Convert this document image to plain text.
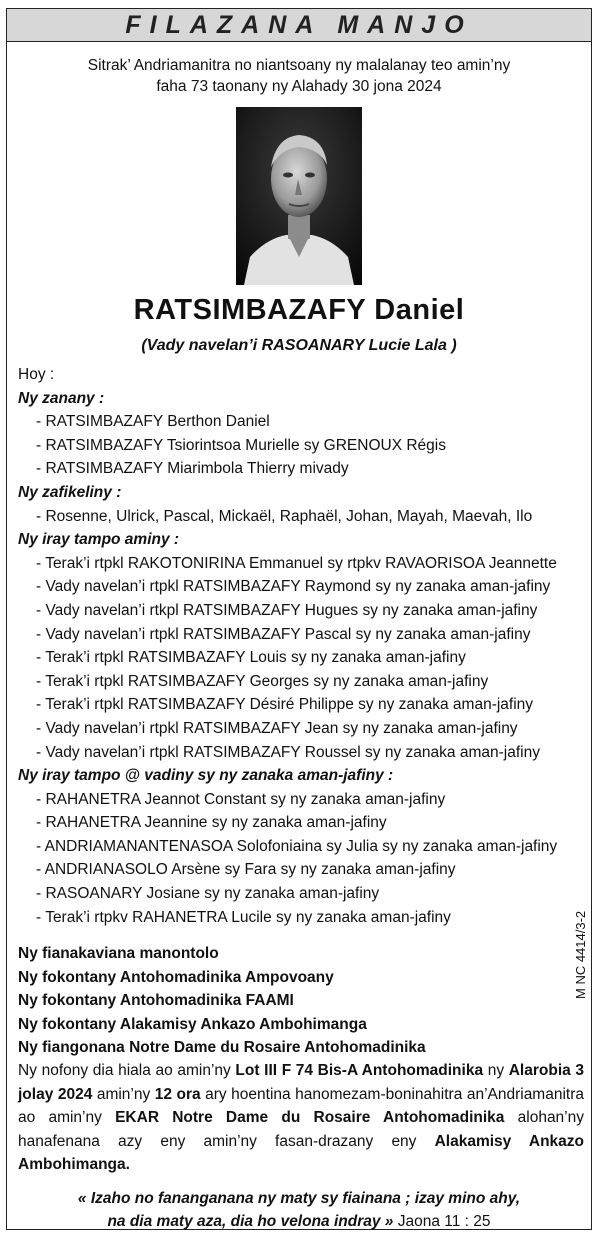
FILAZANA MANJO
Sitrak’ Andriamanitra no niantsoany ny malalanay teo amin’ny
faha 73 taonany ny Alahady 30 jona 2024
RATSIMBAZAFY Daniel
(Vady navelan’i RASOANARY Lucie Lala )
Hoy :
Ny zanany :
- RATSIMBAZAFY Berthon Daniel
- RATSIMBAZAFY Tsiorintsoa Murielle sy GRENOUX Régis
- RATSIMBAZAFY Miarimbola Thierry mivady
Ny zafikeliny :
- Rosenne, Ulrick, Pascal, Mickaël, Raphaël, Johan, Mayah, Maevah, Ilo
Ny iray tampo aminy :
- Terak’i rtpkl RAKOTONIRINA Emmanuel sy rtpkv RAVAORISOA Jeannette
- Vady navelan’i rtpkl RATSIMBAZAFY Raymond sy ny zanaka aman-jafiny
- Vady navelan’i rtkpl RATSIMBAZAFY Hugues sy ny zanaka aman-jafiny
- Vady navelan’i rtpkl RATSIMBAZAFY Pascal sy ny zanaka aman-jafiny
- Terak’i rtpkl RATSIMBAZAFY Louis sy ny zanaka aman-jafiny
- Terak’i rtpkl RATSIMBAZAFY Georges sy ny zanaka aman-jafiny
- Terak’i rtpkl RATSIMBAZAFY Désiré Philippe sy ny zanaka aman-jafiny
- Vady navelan’i rtpkl RATSIMBAZAFY Jean sy ny zanaka aman-jafiny
- Vady navelan’i rtpkl RATSIMBAZAFY Roussel sy ny zanaka aman-jafiny
Ny iray tampo @ vadiny sy ny zanaka aman-jafiny :
- RAHANETRA Jeannot Constant sy ny zanaka aman-jafiny
- RAHANETRA Jeannine sy ny zanaka aman-jafiny
- ANDRIAMANANTENASOA Solofoniaina sy Julia sy ny zanaka aman-jafiny
- ANDRIANASOLO Arsène sy Fara sy ny zanaka aman-jafiny
- RASOANARY Josiane sy ny zanaka aman-jafiny
- Terak’i rtpkv RAHANETRA Lucile sy ny zanaka aman-jafiny
Ny fianakaviana manontolo
Ny fokontany Antohomadinika Ampovoany
Ny fokontany Antohomadinika FAAMI
Ny fokontany Alakamisy Ankazo Ambohimanga
Ny fiangonana Notre Dame du Rosaire Antohomadinika
M NC 4414/3-2
Ny nofony dia hiala ao amin’ny Lot III F 74 Bis-A Antohomadinika ny Alarobia 3 jolay 2024 amin’ny 12 ora ary hoentina hanomezam-boninahitra an’Andriamanitra ao amin’ny EKAR Notre Dame du Rosaire Antohomadinika alohan’ny hanafenana azy eny amin’ny fasan-drazany eny Alakamisy Ankazo Ambohimanga.
« Izaho no fananganana ny maty sy fiainana ; izay mino ahy,
na dia maty aza, dia ho velona indray » Jaona 11 : 25
